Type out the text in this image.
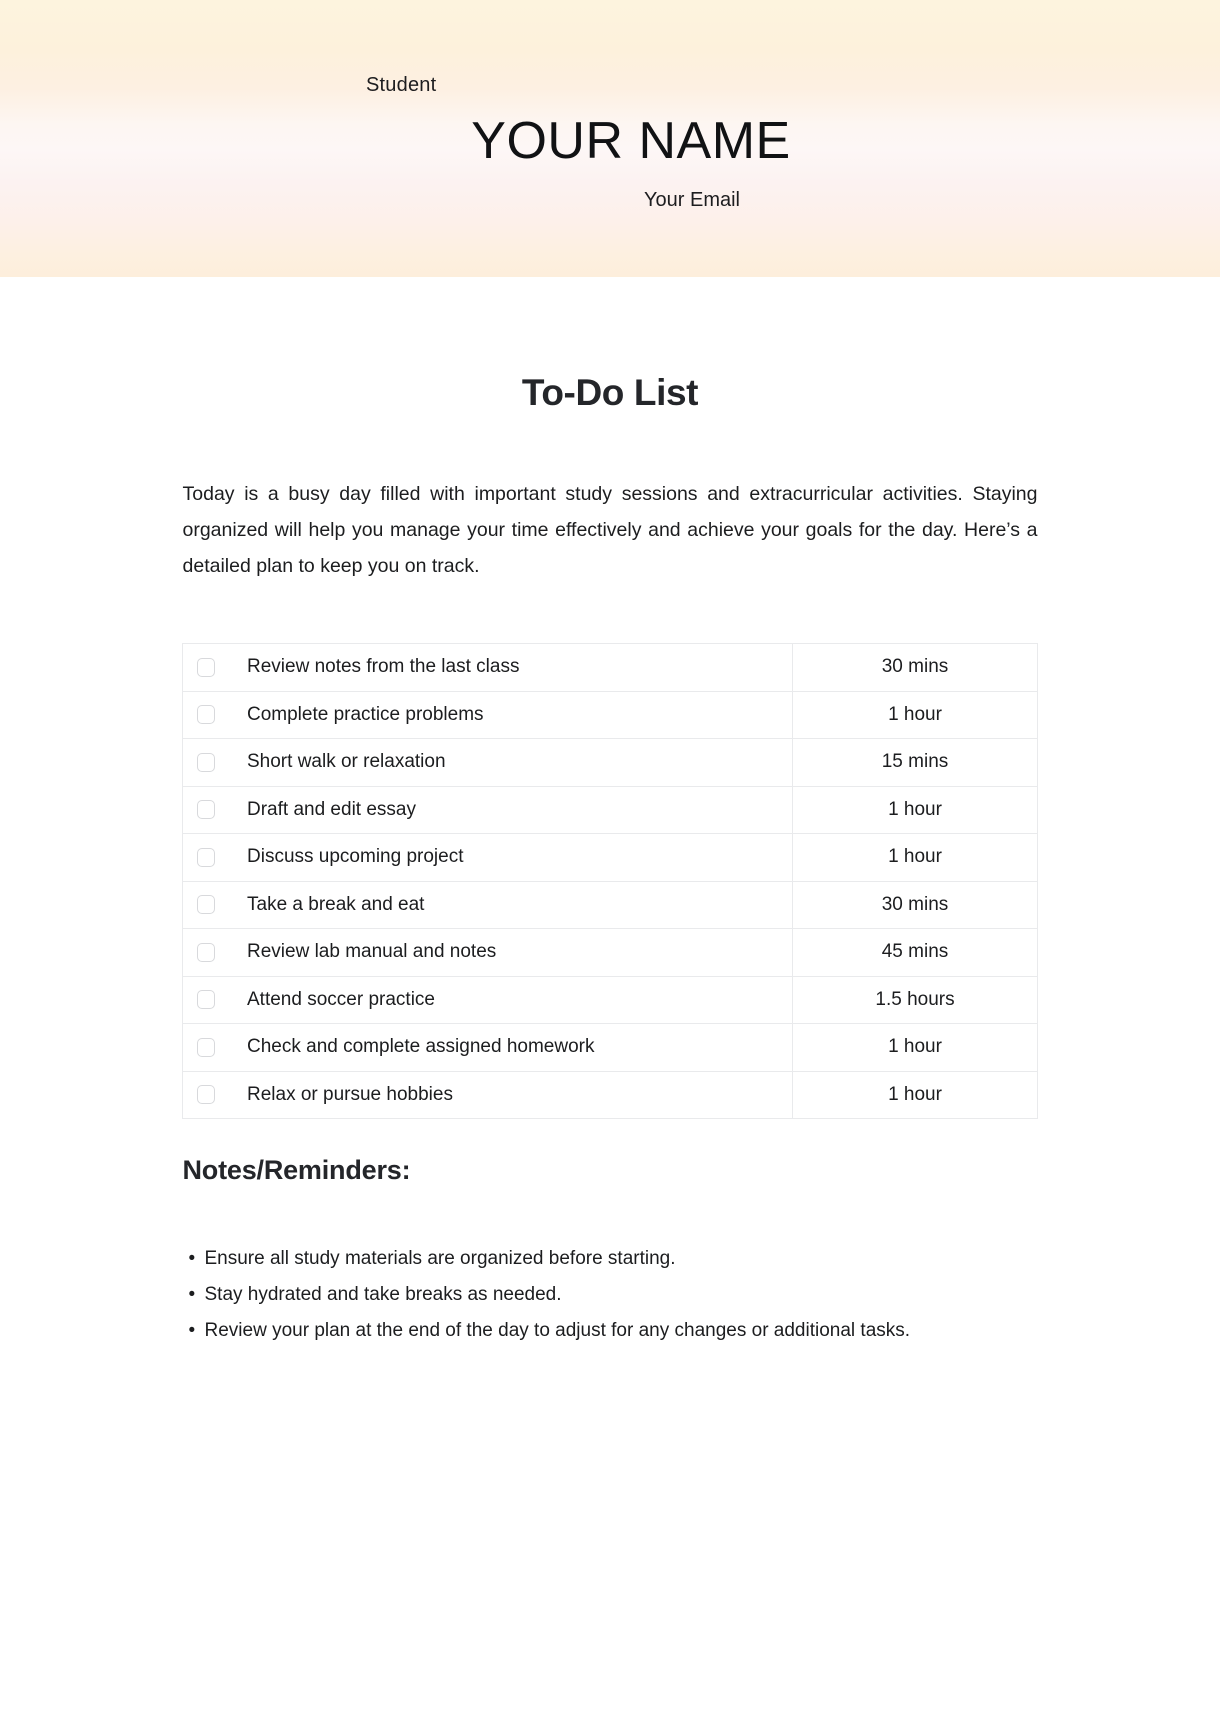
Student
YOUR NAME
Your Email
To-Do List
Today is a busy day filled with important study sessions and extracurricular activities. Staying organized will help you manage your time effectively and achieve your goals for the day. Here’s a detailed plan to keep you on track.
Review notes from the last class	30 mins

Complete practice problems	1 hour

Short walk or relaxation	15 mins

Draft and edit essay	1 hour

Discuss upcoming project	1 hour

Take a break and eat	30 mins

Review lab manual and notes	45 mins

Attend soccer practice	1.5 hours

Check and complete assigned homework	1 hour

Relax or pursue hobbies	1 hour
Notes/Reminders:
• Ensure all study materials are organized before starting.
• Stay hydrated and take breaks as needed.
• Review your plan at the end of the day to adjust for any changes or additional tasks.
